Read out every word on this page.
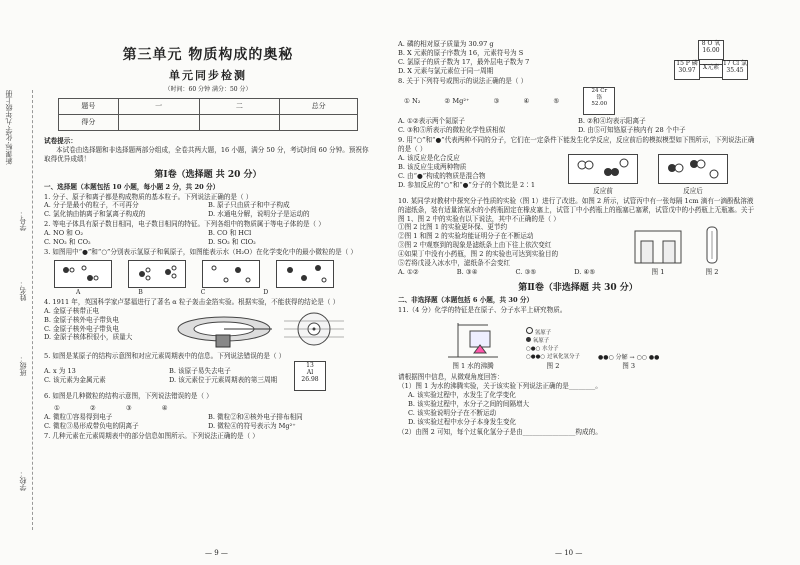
新课标·化学·九年级上册
学校：
班级：
姓名：
学号：
第三单元 物质构成的奥秘
单元同步检测
（时间：60 分钟 满分：50 分）
题号	一	二	总分
得分			
试卷提示：
本试卷由选择题和非选择题两部分组成，全卷共两大题，16 小题，满分 50 分，考试时间 60 分钟。预祝你取得优异成绩！
第Ⅰ卷（选择题 共 20 分）
一、选择题（本题包括 10 小题，每小题 2 分，共 20 分）
1. 分子、原子和离子都是构成物质的基本粒子。下列说法正确的是（ ）
A. 分子是最小的粒子，不可再分	B. 原子只由质子和中子构成
C. 氯化钠由钠离子和氯离子构成的	D. 水通电分解，说明分子是运动的
2. 等电子体具有原子数目相同，电子数目相同的特征。下列各组中的物质属于等电子体的是（ ）
A. NO 和 O₂	B. CO 和 HCl
C. NO₂ 和 CO₂	D. SO₂ 和 ClO₂
3. 如图用中“●”和“○”分别表示氢原子和氧原子，如图能表示水（H₂O）在化学变化中的最小微粒的是（ ）
A	B	C	D
4. 1911 年，英国科学家卢瑟福进行了著名 α 粒子轰击金箔实验。根据实验，不能获得的结论是（ ）
A. 金原子核带正电
B. 金原子核外电子带负电
C. 金原子核外电子带负电
D. 金原子核体积很小，质量大
5. 如图是某原子的结构示意图和对应元素周期表中的信息。下列说法错误的是（ ）
A. x 为 13	B. 该原子易失去电子
C. 该元素为金属元素	D. 该元素位于元素周期表的第三周期
13
Al
26.98
6. 如图是几种微粒的结构示意图，下列说法错误的是（ ）
①	②	③	④
A. 微粒①容易得到电子	B. 微粒②和④核外电子排布相同
C. 微粒③易形成带负电的阴离子	D. 微粒④的符号表示为 Mg²⁺
7. 几种元素在元素周期表中的部分信息如图所示。下列说法正确的是（ ）
— 9 —
A. 磷的相对原子质量为 30.97 g
B. X 元素的原子序数为 16，元素符号为 S
C. 氯原子的质子数为 17，最外层电子数为 7
D. X 元素与氯元素位于同一周期
8 O 氧 16.00
15 P 磷 30.97	X元素
17 Cl 氯 35.45
8. 关于下列符号或图示的说法正确的是（ ）
① N₂	② Mg²⁺	③	④	⑤
24 Cr
铬
52.00
A. ①②表示两个氮原子	B. ②和④均表示阳离子
C. ③和⑤所表示的微粒化学性质相似	D. 由⑤可知铬原子核内有 28 个中子
9. 用“○”和“●”代表两种不同的分子，它们在一定条件下能发生化学反应，反应前后的模拟模型如下图所示，下列说法正确的是（ ）
A. 该反应是化合反应
B. 该反应生成两种物质
C. 由“●”构成的物质是混合物
D. 参加反应的“○”和“●”分子的个数比是 2∶1
反应前	反应后
10. 某同学对教材中探究分子性质的实验（图 1）进行了改进。如图 2 所示，试管丙中有一张每隔 1cm 滴有一滴酚酞溶液的滤纸条，装有适量浓氨水的小药瓶固定在橡皮塞上，试管丁中小药瓶上的瓶塞已塞紧，试管戊中的小药瓶上无瓶塞。关于图 1、图 2 中的实验有以下说法，其中不正确的是（ ）
①图 2 比图 1 的实验更环保、更节约
②图 1 和图 2 的实验均能证明分子在不断运动
③图 2 中观察到的现象是滤纸条上由下往上依次变红
④如果丁中没有小药瓶，图 2 的实验也可达到实验目的
⑤若将戊浸入冰水中，滤纸条不会变红
A. ①②	B. ③④	C. ③⑤	D. ④⑤	图 1	图 2
第Ⅱ卷（非选择题 共 30 分）
二、非选择题（本题包括 6 小题，共 30 分）
11.（4 分）化学的特征是在原子、分子水平上研究物质。
图 1 水的沸腾
氢原子
氧原子
○●○ 水分子
○●●○ 过氧化氢分子
图 2
●●○ 分解 → ○○ ●●
图 3
请根据图中信息，从微观角度回答：
（1）图 1 为水的沸腾实验，关于该实验下列说法正确的是________。
A. 该实验过程中，水发生了化学变化
B. 该实验过程中，水分子之间的间隔增大
C. 该实验说明分子在不断运动
D. 该实验过程中水分子本身发生变化
（2）由图 2 可知，每个过氧化氢分子是由________________构成的。
— 10 —
